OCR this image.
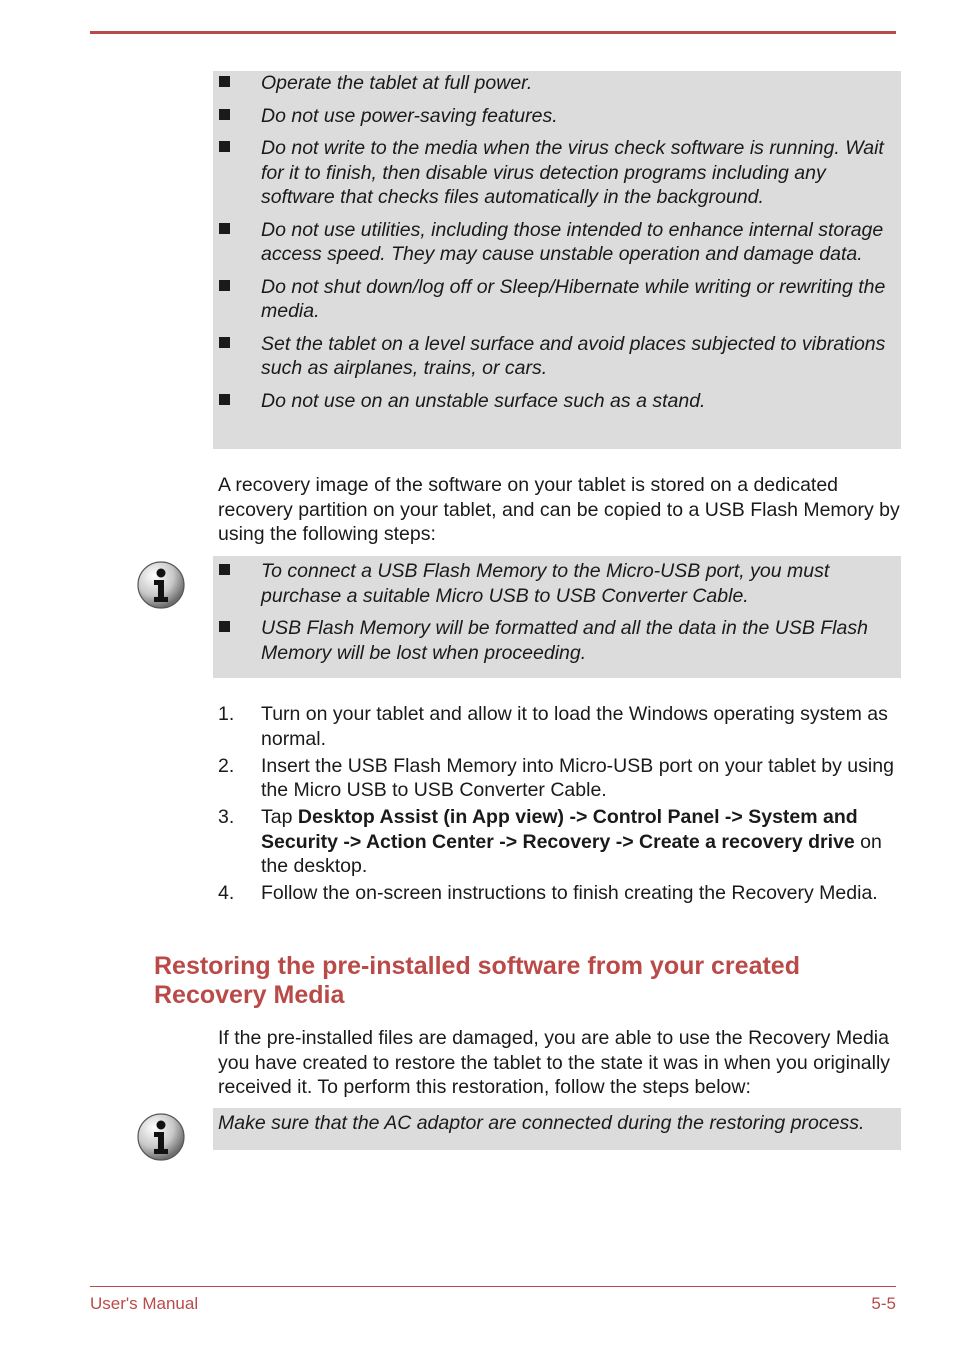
Operate the tablet at full power.
Do not use power-saving features.
Do not write to the media when the virus check software is running. Wait for it to finish, then disable virus detection programs including any software that checks files automatically in the background.
Do not use utilities, including those intended to enhance internal storage access speed. They may cause unstable operation and damage data.
Do not shut down/log off or Sleep/Hibernate while writing or rewriting the media.
Set the tablet on a level surface and avoid places subjected to vibrations such as airplanes, trains, or cars.
Do not use on an unstable surface such as a stand.

A recovery image of the software on your tablet is stored on a dedicated recovery partition on your tablet, and can be copied to a USB Flash Memory by using the following steps:

To connect a USB Flash Memory to the Micro-USB port, you must purchase a suitable Micro USB to USB Converter Cable.
USB Flash Memory will be formatted and all the data in the USB Flash Memory will be lost when proceeding.
1. Turn on your tablet and allow it to load the Windows operating system as normal.
2. Insert the USB Flash Memory into Micro-USB port on your tablet by using the Micro USB to USB Converter Cable.
3. Tap Desktop Assist (in App view) -> Control Panel -> System and Security -> Action Center -> Recovery -> Create a recovery drive on the desktop.
4. Follow the on-screen instructions to finish creating the Recovery Media.
Restoring the pre-installed software from your created Recovery Media

If the pre-installed files are damaged, you are able to use the Recovery Media you have created to restore the tablet to the state it was in when you originally received it. To perform this restoration, follow the steps below:

Make sure that the AC adaptor are connected during the restoring process.
User's Manual	5-5
